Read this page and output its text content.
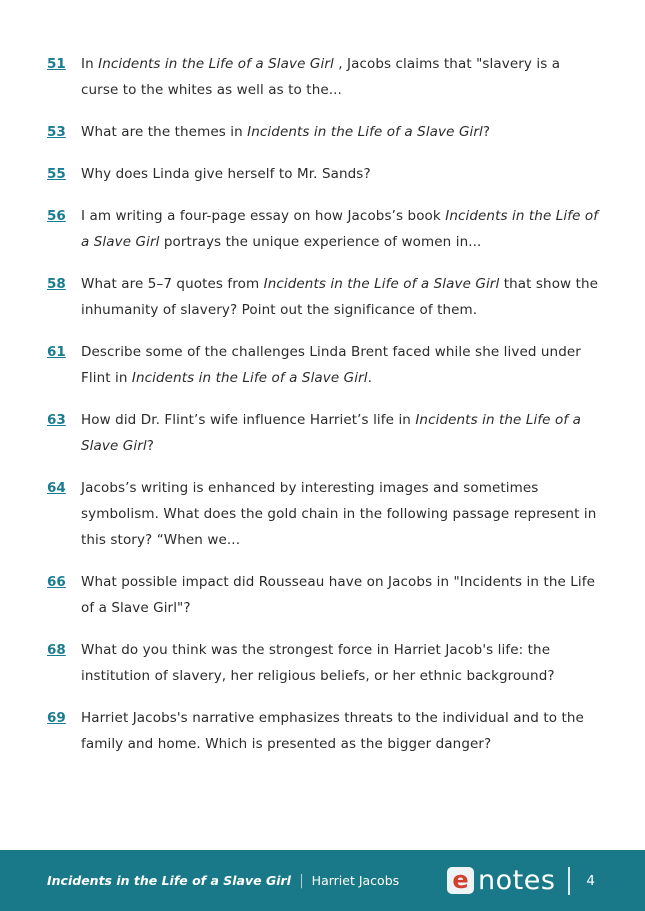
51	In Incidents in the Life of a Slave Girl , Jacobs claims that "slavery is a curse to the whites as well as to the...

53	What are the themes in Incidents in the Life of a Slave Girl?

55	Why does Linda give herself to Mr. Sands?

56	I am writing a four-page essay on how Jacobs’s book Incidents in the Life of a Slave Girl portrays the unique experience of women in...

58	What are 5–7 quotes from Incidents in the Life of a Slave Girl that show the inhumanity of slavery? Point out the significance of them.

61	Describe some of the challenges Linda Brent faced while she lived under Flint in Incidents in the Life of a Slave Girl.

63	How did Dr. Flint’s wife influence Harriet’s life in Incidents in the Life of a Slave Girl?

64	Jacobs’s writing is enhanced by interesting images and sometimes symbolism. What does the gold chain in the following passage represent in this story? “When we...

66	What possible impact did Rousseau have on Jacobs in "Incidents in the Life of a Slave Girl"?

68	What do you think was the strongest force in Harriet Jacob's life: the institution of slavery, her religious beliefs, or her ethnic background?

69	Harriet Jacobs's narrative emphasizes threats to the individual and to the family and home. Which is presented as the bigger danger?

Incidents in the Life of a Slave Girl | Harriet Jacobs e notes 4
